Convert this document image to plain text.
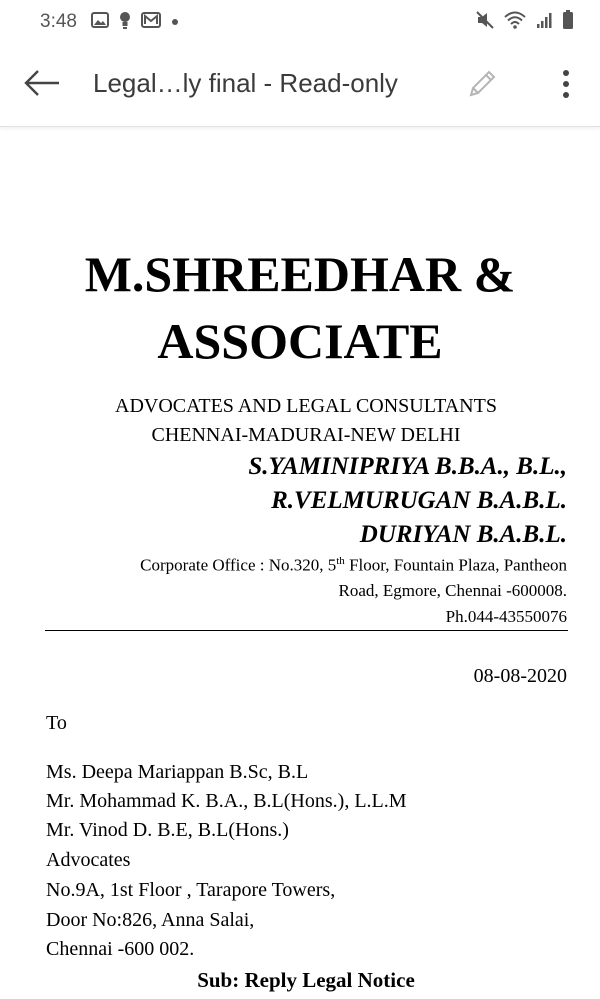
3:48
Legal…ly final - Read-only
M.SHREEDHAR &
ASSOCIATE
ADVOCATES AND LEGAL CONSULTANTS
CHENNAI-MADURAI-NEW DELHI
S.YAMINIPRIYA B.B.A., B.L.,
R.VELMURUGAN B.A.B.L.
DURIYAN B.A.B.L.
Corporate Office : No.320, 5th Floor, Fountain Plaza, Pantheon
Road, Egmore, Chennai -600008.
Ph.044-43550076
08-08-2020
To
Ms. Deepa Mariappan B.Sc, B.L
Mr. Mohammad K. B.A., B.L(Hons.), L.L.M
Mr. Vinod D. B.E, B.L(Hons.)
Advocates
No.9A, 1st Floor , Tarapore Towers,
Door No:826, Anna Salai,
Chennai -600 002.
Sub: Reply Legal Notice
